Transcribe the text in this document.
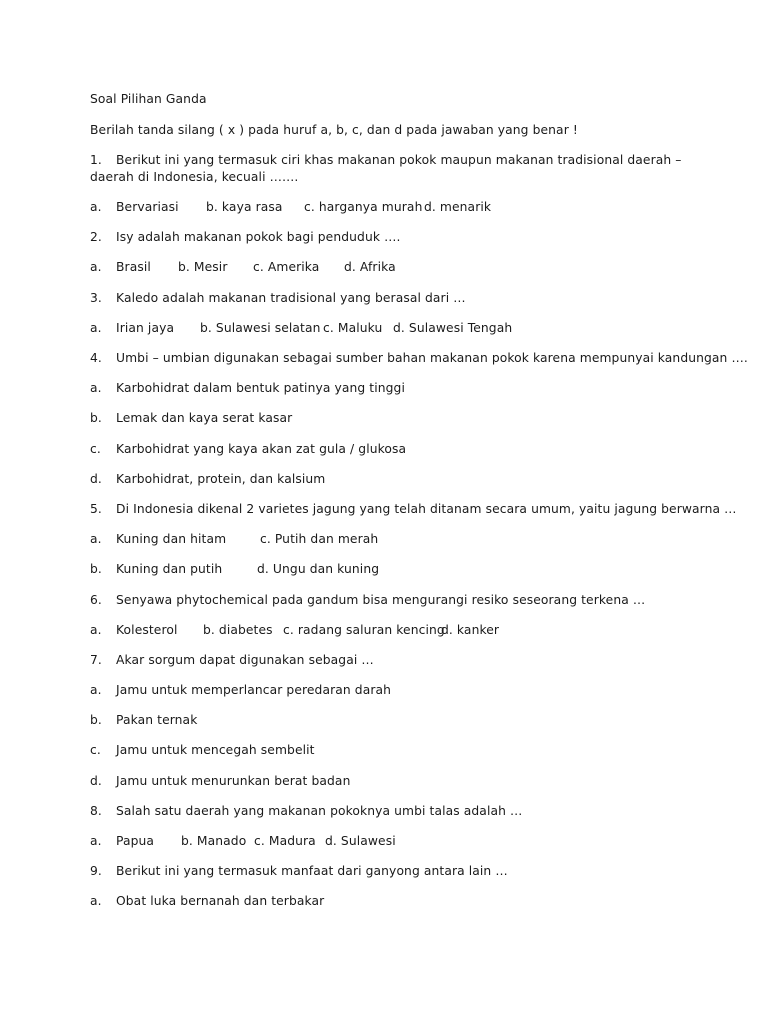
Soal Pilihan Ganda
Berilah tanda silang ( x ) pada huruf a, b, c, dan d pada jawaban yang benar !
1.	Berikut ini yang termasuk ciri khas makanan pokok maupun makanan tradisional daerah – daerah di Indonesia, kecuali …….
a. Bervariasi b. kaya rasa c. harganya murah d. menarik
2. Isy adalah makanan pokok bagi penduduk ….
a. Brasil b. Mesir c. Amerika d. Afrika
3. Kaledo adalah makanan tradisional yang berasal dari …
a. Irian jaya b. Sulawesi selatan c. Maluku d. Sulawesi Tengah
4. Umbi – umbian digunakan sebagai sumber bahan makanan pokok karena mempunyai kandungan ….
a. Karbohidrat dalam bentuk patinya yang tinggi
b. Lemak dan kaya serat kasar
c. Karbohidrat yang kaya akan zat gula / glukosa
d. Karbohidrat, protein, dan kalsium
5. Di Indonesia dikenal 2 varietes jagung yang telah ditanam secara umum, yaitu jagung berwarna …
a. Kuning dan hitam	c. Putih dan merah
b. Kuning dan putih	d. Ungu dan kuning
6. Senyawa phytochemical pada gandum bisa mengurangi resiko seseorang terkena …
a. Kolesterol b. diabetes c. radang saluran kencing
d. kanker
7. Akar sorgum dapat digunakan sebagai …
a. Jamu untuk memperlancar peredaran darah
b. Pakan ternak
c. Jamu untuk mencegah sembelit
d. Jamu untuk menurunkan berat badan
8. Salah satu daerah yang makanan pokoknya umbi talas adalah …
a. Papua b. Manado c. Madura d. Sulawesi
9. Berikut ini yang termasuk manfaat dari ganyong antara lain …
a. Obat luka bernanah dan terbakar
